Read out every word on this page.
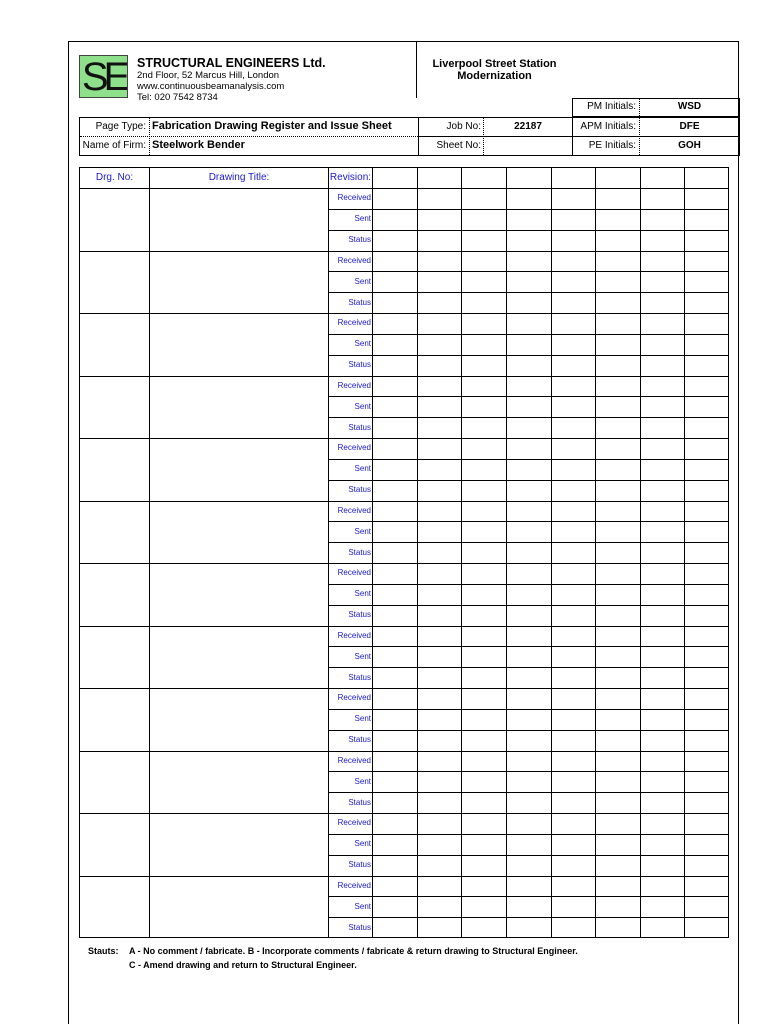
SE STRUCTURAL ENGINEERS Ltd.
2nd Floor, 52 Marcus Hill, London
www.continuousbeamanalysis.com
Tel: 020 7542 8734
Liverpool Street Station
Modernization
PM Initials:	WSD
Page Type: Fabrication Drawing Register and Issue Sheet	Job No:	22187	APM Initials:	DFE
Name of Firm: Steelwork Bender	Sheet No:	PE Initials:	GOH
Drg. No:	Drawing Title:	Revision:
Received
Sent
Status
Received
Sent
Status
Received
Sent
Status
Received
Sent
Status
Received
Sent
Status
Received
Sent
Status
Received
Sent
Status
Received
Sent
Status
Received
Sent
Status
Received
Sent
Status
Received
Sent
Status
Received
Sent
Status
Stauts: A - No comment / fabricate. B - Incorporate comments / fabricate & return drawing to Structural Engineer.
C - Amend drawing and return to Structural Engineer.
